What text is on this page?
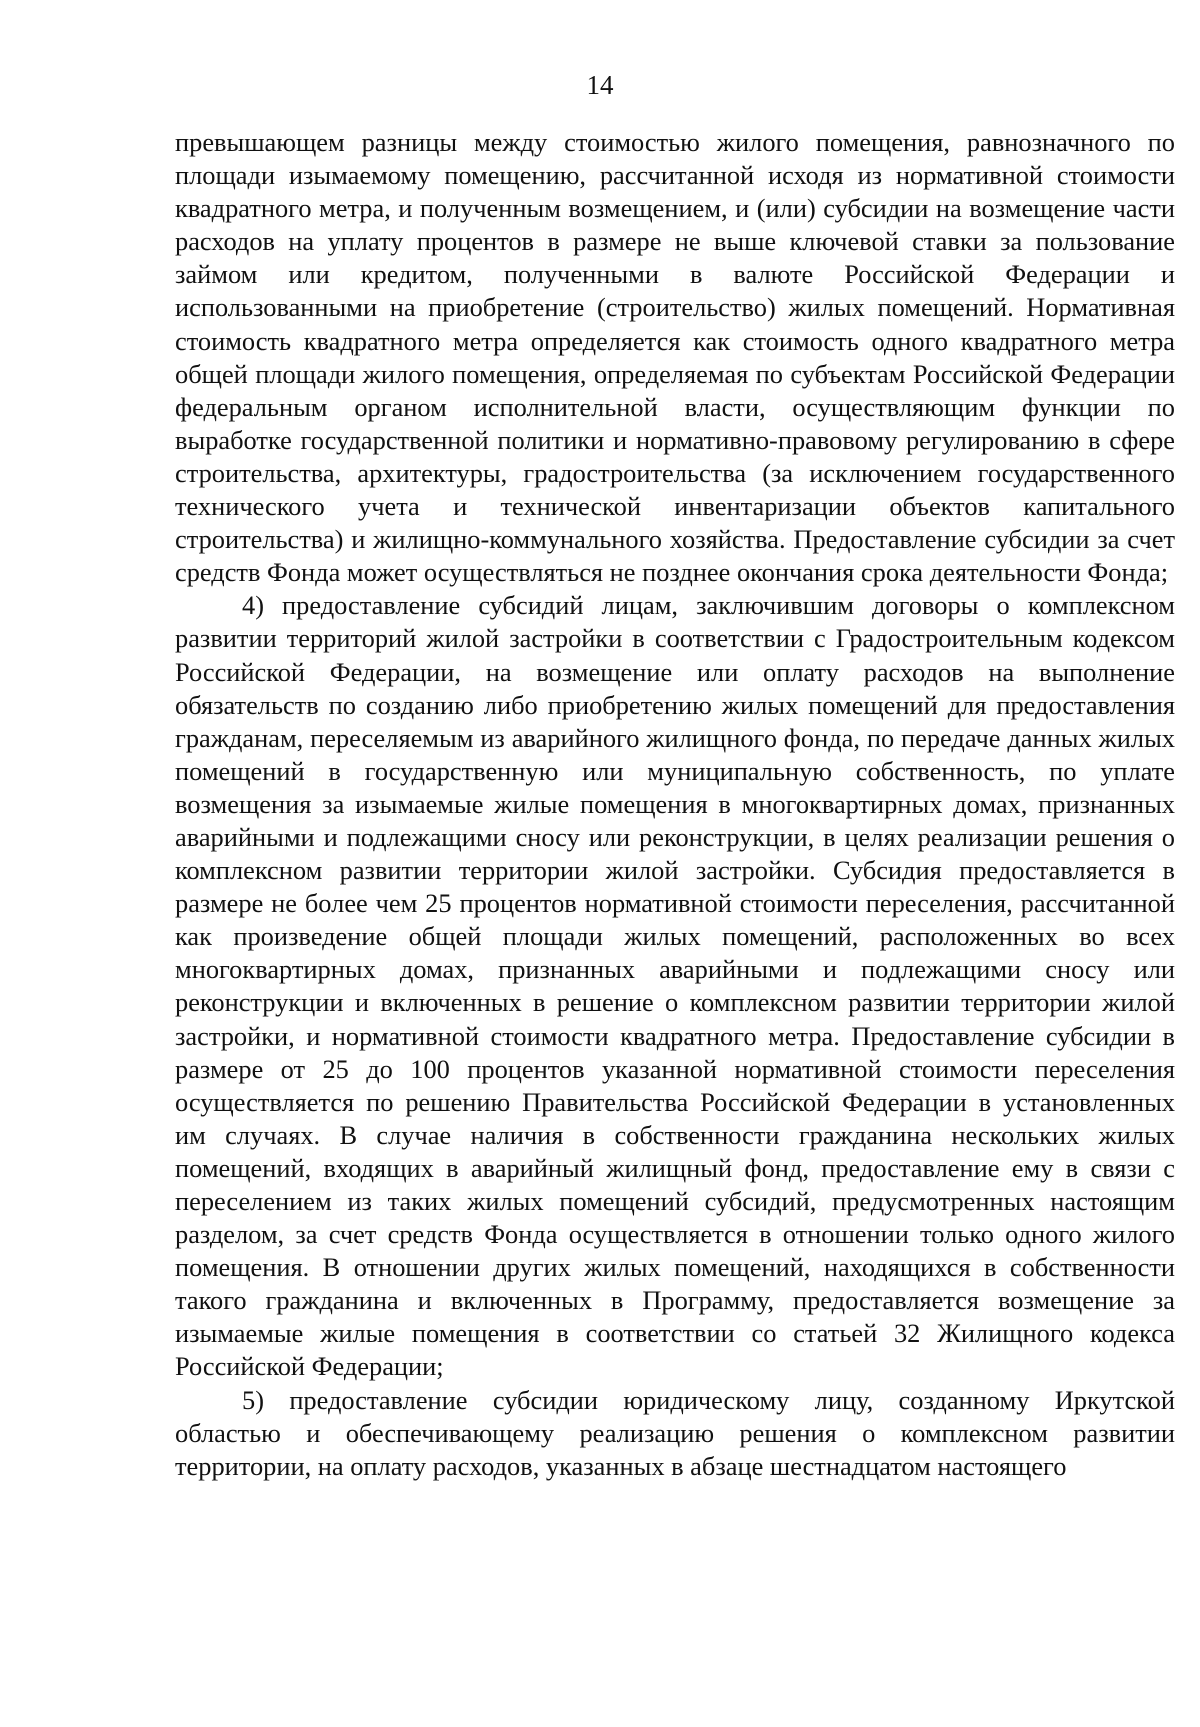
14

превышающем разницы между стоимостью жилого помещения, равнозначного по площади изымаемому помещению, рассчитанной исходя из нормативной стоимости квадратного метра, и полученным возмещением, и (или) субсидии на возмещение части расходов на уплату процентов в размере не выше ключевой ставки за пользование займом или кредитом, полученными в валюте Российской Федерации и использованными на приобретение (строительство) жилых помещений. Нормативная стоимость квадратного метра определяется как стоимость одного квадратного метра общей площади жилого помещения, определяемая по субъектам Российской Федерации федеральным органом исполнительной власти, осуществляющим функции по выработке государственной политики и нормативно-правовому регулированию в сфере строительства, архитектуры, градостроительства (за исключением государственного технического учета и технической инвентаризации объектов капитального строительства) и жилищно-коммунального хозяйства. Предоставление субсидии за счет средств Фонда может осуществляться не позднее окончания срока деятельности Фонда;

4) предоставление субсидий лицам, заключившим договоры о комплексном развитии территорий жилой застройки в соответствии с Градостроительным кодексом Российской Федерации, на возмещение или оплату расходов на выполнение обязательств по созданию либо приобретению жилых помещений для предоставления гражданам, переселяемым из аварийного жилищного фонда, по передаче данных жилых помещений в государственную или муниципальную собственность, по уплате возмещения за изымаемые жилые помещения в многоквартирных домах, признанных аварийными и подлежащими сносу или реконструкции, в целях реализации решения о комплексном развитии территории жилой застройки. Субсидия предоставляется в размере не более чем 25 процентов нормативной стоимости переселения, рассчитанной как произведение общей площади жилых помещений, расположенных во всех многоквартирных домах, признанных аварийными и подлежащими сносу или реконструкции и включенных в решение о комплексном развитии территории жилой застройки, и нормативной стоимости квадратного метра. Предоставление субсидии в размере от 25 до 100 процентов указанной нормативной стоимости переселения осуществляется по решению Правительства Российской Федерации в установленных им случаях. В случае наличия в собственности гражданина нескольких жилых помещений, входящих в аварийный жилищный фонд, предоставление ему в связи с переселением из таких жилых помещений субсидий, предусмотренных настоящим разделом, за счет средств Фонда осуществляется в отношении только одного жилого помещения. В отношении других жилых помещений, находящихся в собственности такого гражданина и включенных в Программу, предоставляется возмещение за изымаемые жилые помещения в соответствии со статьей 32 Жилищного кодекса Российской Федерации;

5) предоставление субсидии юридическому лицу, созданному Иркутской областью и обеспечивающему реализацию решения о комплексном развитии территории, на оплату расходов, указанных в абзаце шестнадцатом настоящего
